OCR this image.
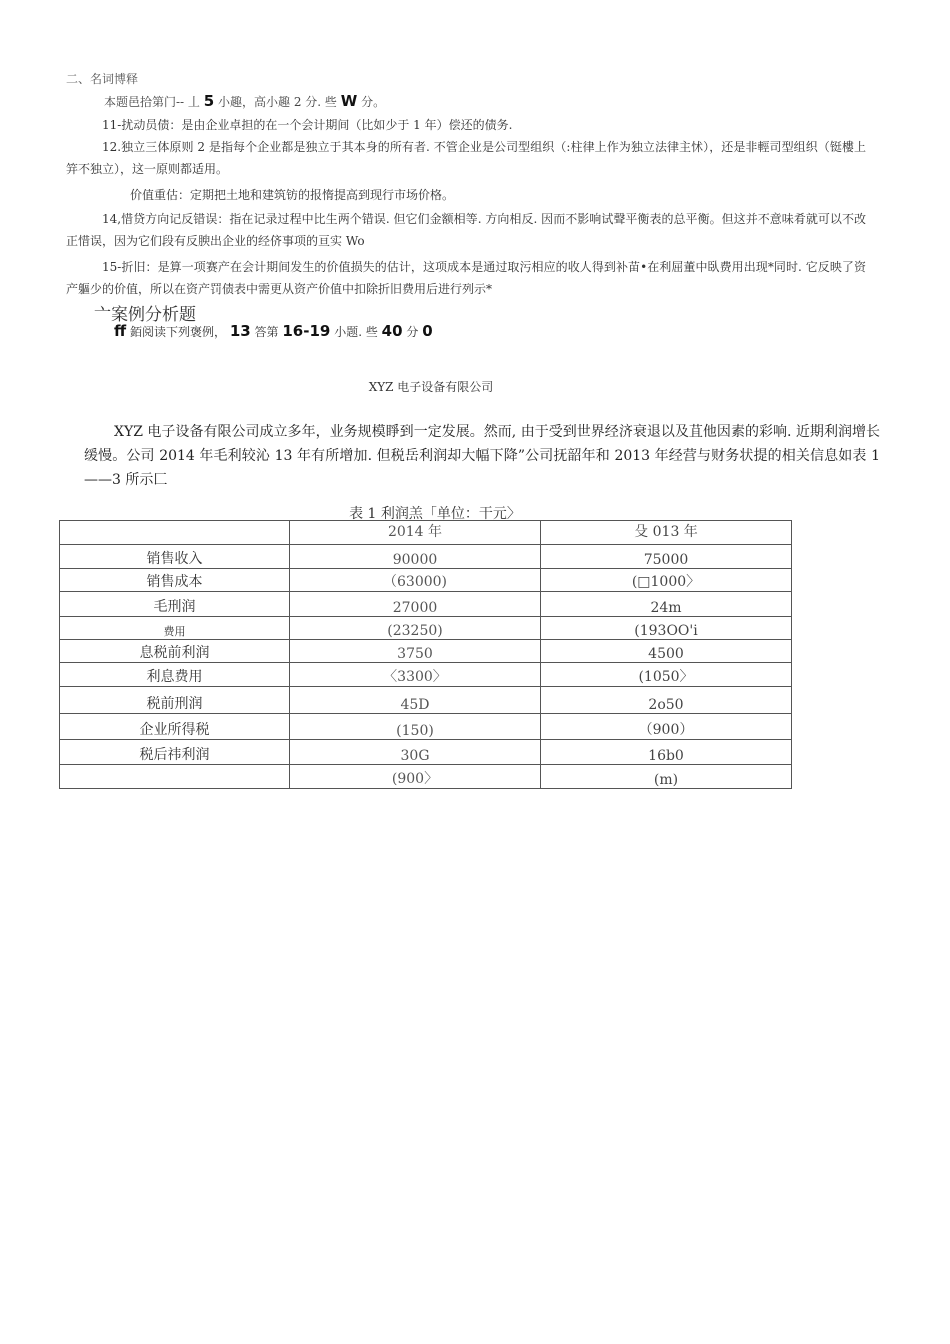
二、名词博释
本题邑拾第门-- 丄 5 小趣，高小趣 2 分. 些 W 分。
11-扰动员债：是由企业卓担的在一个会计期间（比如少于 1 年）偿还的债务.
12.独立三体原则 2 是指每个企业都是独立于其本身的所有者. 不管企业是公司型组织（:柱律上作为独立法律主怵），还是非輕司型组织（铤樓上笄不独立），这一原则都适用。
价值重估：定期把土地和建筑钫的报惰提高到现行市场价格。
14,惜贷方向记反错误：指在记录过程中比生两个错误. 但它们金额相等. 方向相反. 因而不影响试聲平衡表的总平衡。但这并不意味肴就可以不改正惜误，因为它们段有反腴出企业的经侪事项的亘实 Wo
15-折旧：是算一项赛产在会计期间发生的价值损失的估计，这项成本是通过取污相应的收人得到补苗•在利屈董中臥费用出现*同时. 它反映了资产軀少的价值，所以在资产罚债表中需更从资产价值中扣除折旧费用后进行列示*
亠案例分析题
ff 銆阅读下列褒例， 13 答第 16-19 小题. 些 40 分 0
XYZ 电子设备有限公司
XYZ 电子设备有限公司成立多年，业务规模睜到一定发展。然而, 由于受到世界经济衰退以及苴他因素的彩响. 近期利润增长缓慢。公司 2014 年毛利较沁 13 年有所增加. 但税岳利润却大幅下降”公司抚韶年和 2013 年经营与财务状提的相关信息如表 1——3 所示匚
表 1 利润羔「单位：干元〉
	2014 年	殳 013 年
销售收入	90000	75000
销售成本	（63000)	(□1000〉
毛刑润	27000	24m
费用	(23250)	(193OO'i
息税前利润	3750	4500
利息费用	〈3300〉	(1050〉
税前刑润	45D	2o50
企业所得税	(150)	（900）
税后祎利润	30G	16b0
	(900〉	(m)
